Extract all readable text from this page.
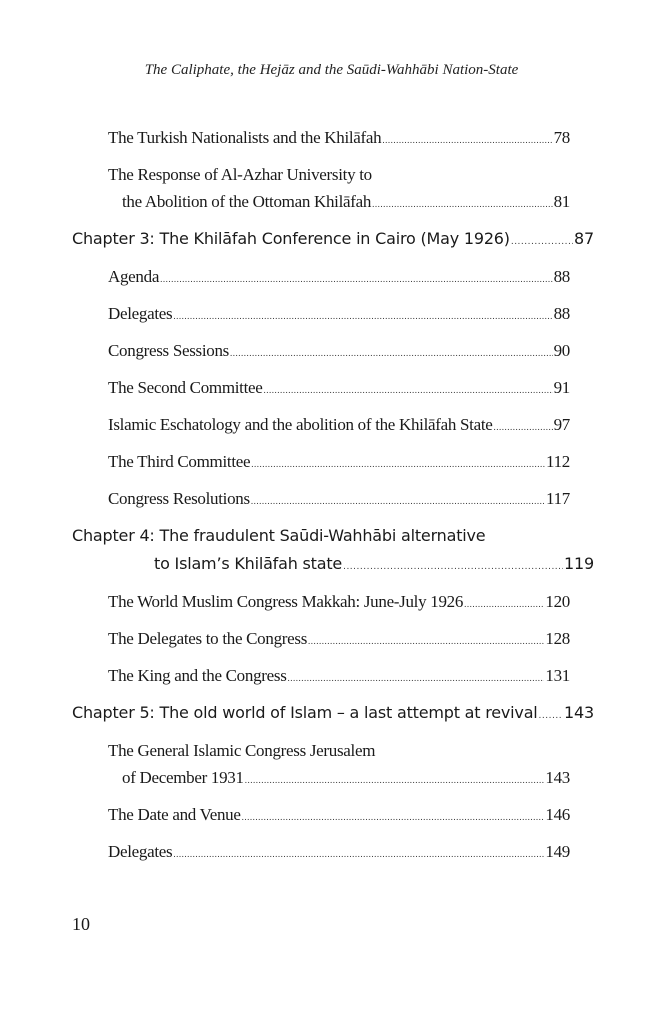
The Caliphate, the Hejāz and the Saūdi-Wahhābi Nation-State
The Turkish Nationalists and the Khilāfah .....	78
The Response of Al-Azhar University to
the Abolition of the Ottoman Khilāfah .....	81
Chapter 3: The Khilāfah Conference in Cairo (May 1926) .....	87
Agenda .....	88
Delegates .....	88
Congress Sessions .....	90
The Second Committee .....	91
Islamic Eschatology and the abolition of the Khilāfah State .....	97
The Third Committee .....	112
Congress Resolutions .....	117
Chapter 4: The fraudulent Saūdi-Wahhābi alternative
to Islam’s Khilāfah state .....	119
The World Muslim Congress Makkah: June-July 1926 .....	120
The Delegates to the Congress .....	128
The King and the Congress .....	131
Chapter 5: The old world of Islam – a last attempt at revival ..... 143
The General Islamic Congress Jerusalem
of December 1931 .....	143
The Date and Venue .....	146
Delegates .....	149
10
